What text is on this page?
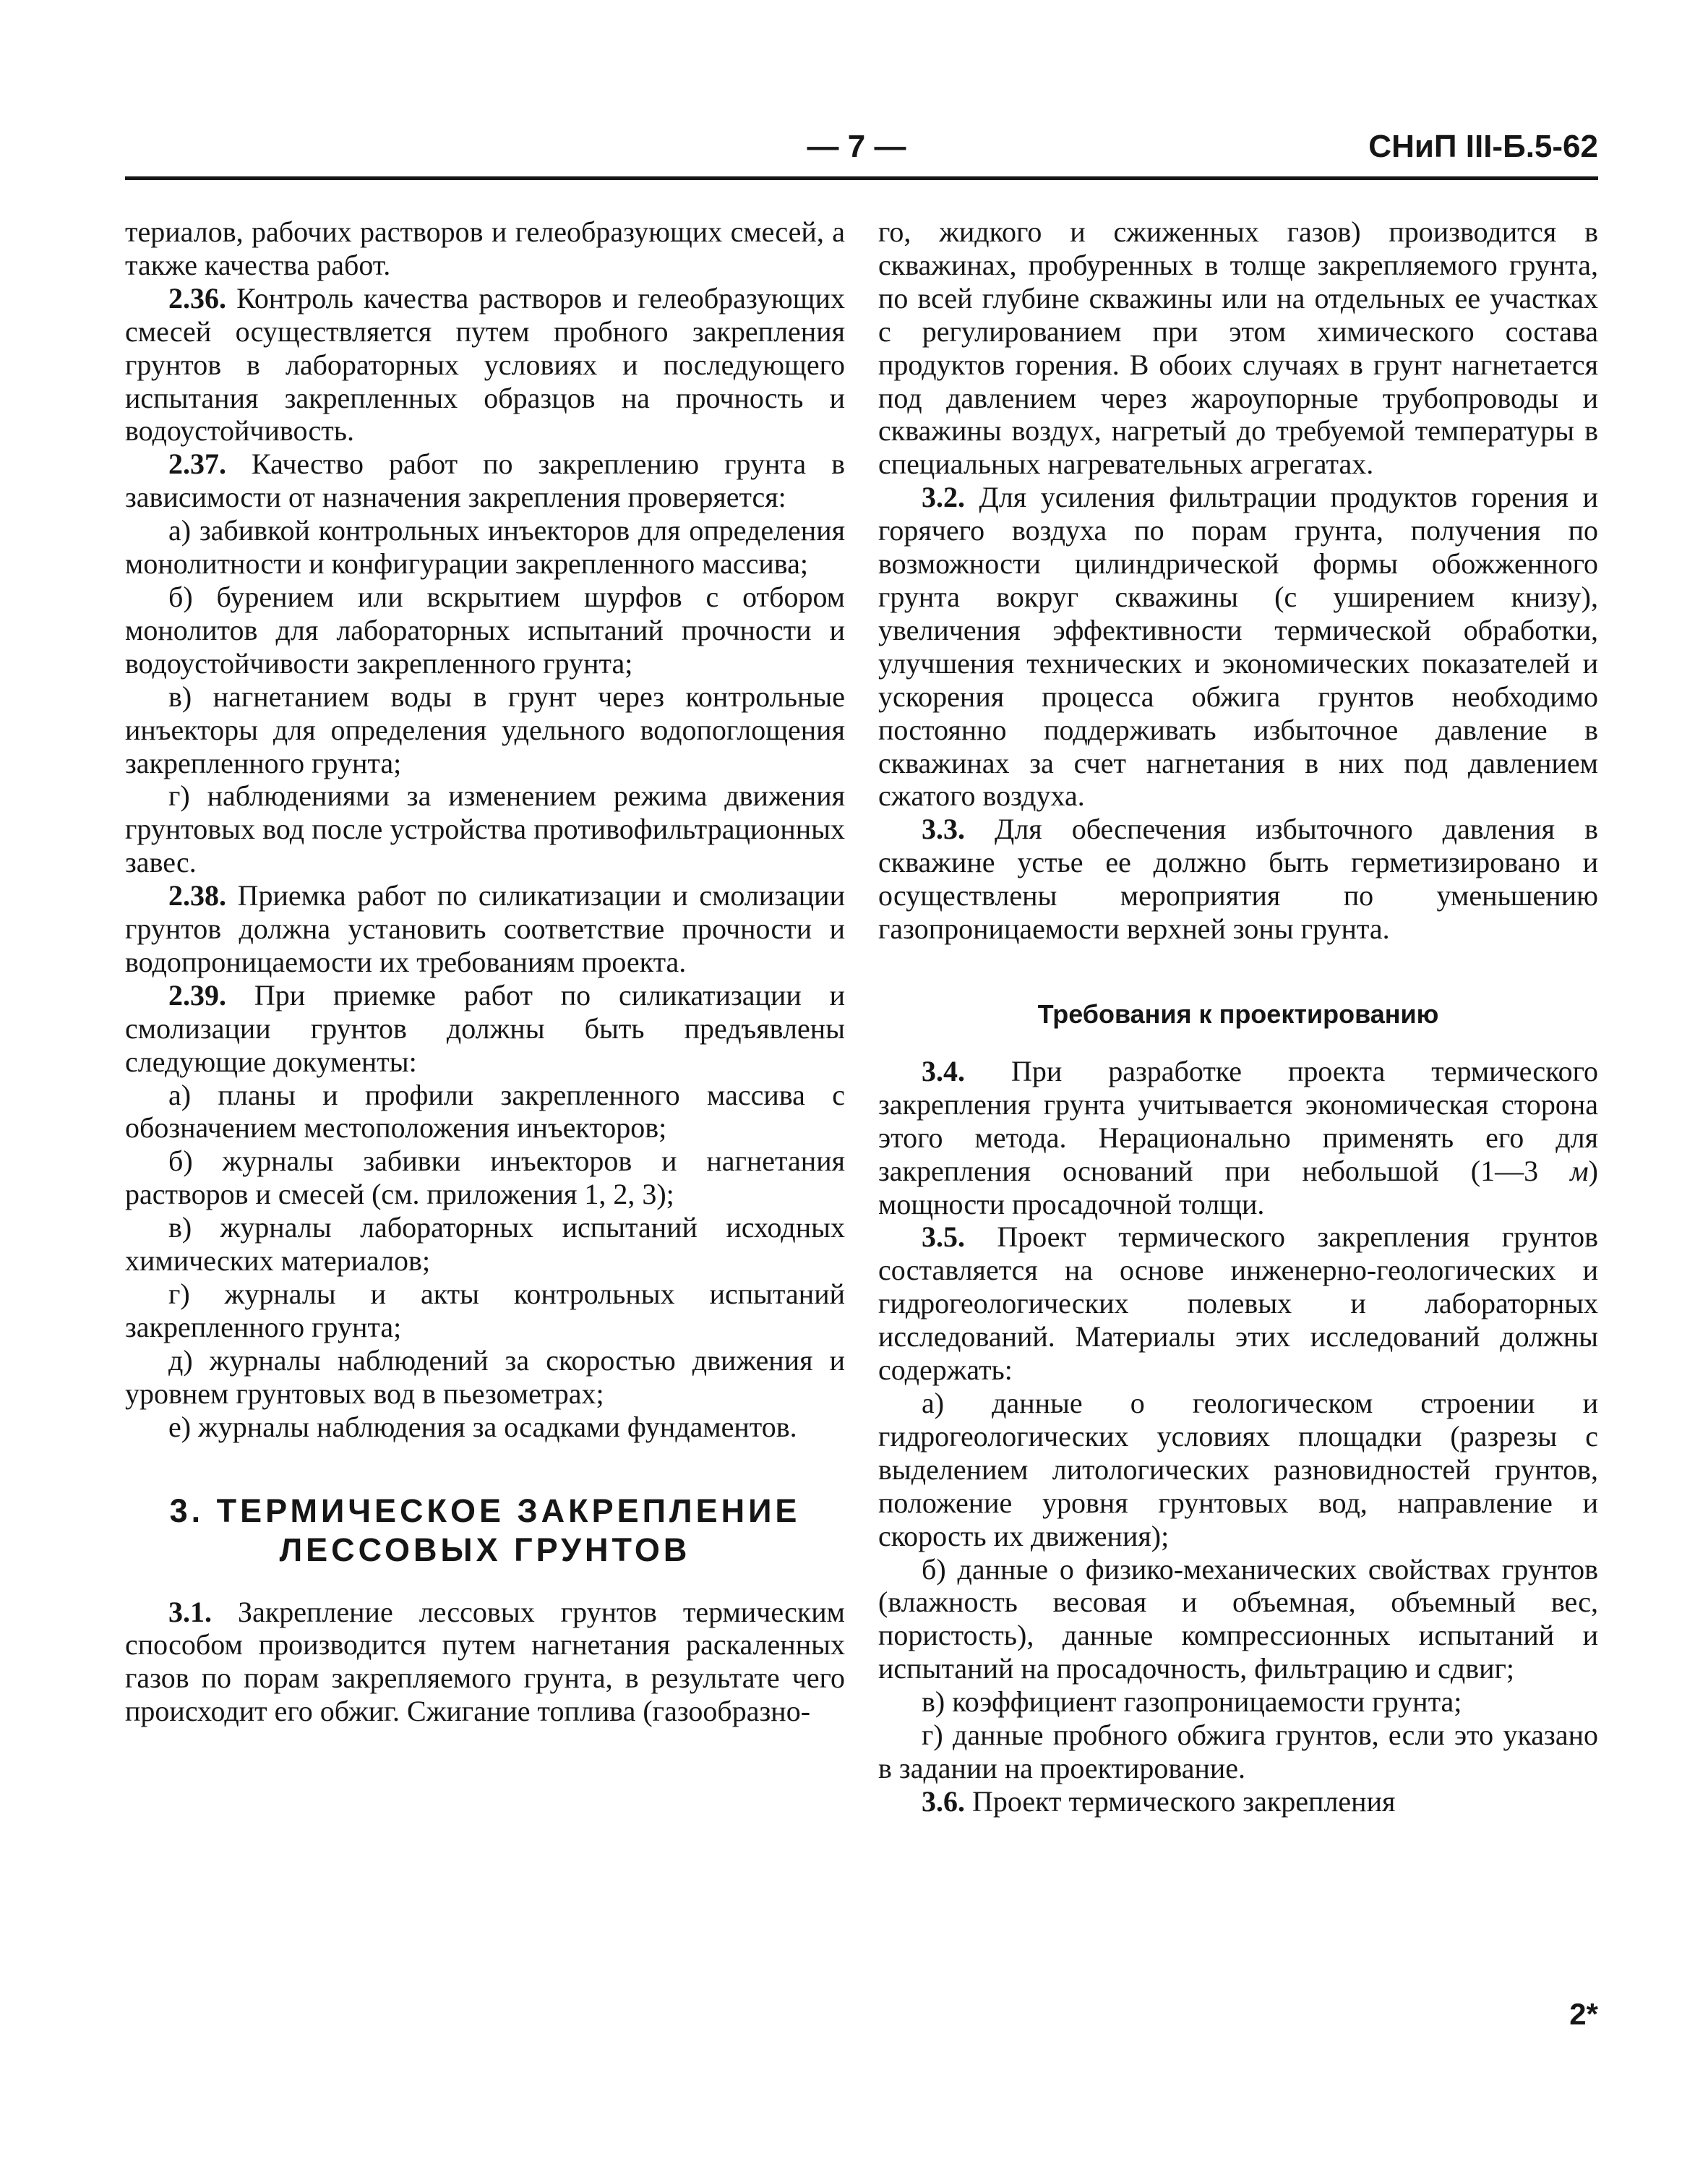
— 7 —	СНиП III-Б.5-62

териалов, рабочих растворов и гелеобразующих смесей, а также качества работ.

2.36. Контроль качества растворов и гелеобразующих смесей осуществляется путем пробного закрепления грунтов в лабораторных условиях и последующего испытания закрепленных образцов на прочность и водоустойчивость.

2.37. Качество работ по закреплению грунта в зависимости от назначения закрепления проверяется:

а) забивкой контрольных инъекторов для определения монолитности и конфигурации закрепленного массива;

б) бурением или вскрытием шурфов с отбором монолитов для лабораторных испытаний прочности и водоустойчивости закрепленного грунта;

в) нагнетанием воды в грунт через контрольные инъекторы для определения удельного водопоглощения закрепленного грунта;

г) наблюдениями за изменением режима движения грунтовых вод после устройства противофильтрационных завес.

2.38. Приемка работ по силикатизации и смолизации грунтов должна установить соответствие прочности и водопроницаемости их требованиям проекта.

2.39. При приемке работ по силикатизации и смолизации грунтов должны быть предъявлены следующие документы:

а) планы и профили закрепленного массива с обозначением местоположения инъекторов;

б) журналы забивки инъекторов и нагнетания растворов и смесей (см. приложения 1, 2, 3);

в) журналы лабораторных испытаний исходных химических материалов;

г) журналы и акты контрольных испытаний закрепленного грунта;

д) журналы наблюдений за скоростью движения и уровнем грунтовых вод в пьезометрах;

е) журналы наблюдения за осадками фундаментов.

3. ТЕРМИЧЕСКОЕ ЗАКРЕПЛЕНИЕ
ЛЕССОВЫХ ГРУНТОВ

3.1. Закрепление лессовых грунтов термическим способом производится путем нагнетания раскаленных газов по порам закрепляемого грунта, в результате чего происходит его обжиг. Сжигание топлива (газообразно-

го, жидкого и сжиженных газов) производится в скважинах, пробуренных в толще закрепляемого грунта, по всей глубине скважины или на отдельных ее участках с регулированием при этом химического состава продуктов горения. В обоих случаях в грунт нагнетается под давлением через жароупорные трубопроводы и скважины воздух, нагретый до требуемой температуры в специальных нагревательных агрегатах.

3.2. Для усиления фильтрации продуктов горения и горячего воздуха по порам грунта, получения по возможности цилиндрической формы обожженного грунта вокруг скважины (с уширением книзу), увеличения эффективности термической обработки, улучшения технических и экономических показателей и ускорения процесса обжига грунтов необходимо постоянно поддерживать избыточное давление в скважинах за счет нагнетания в них под давлением сжатого воздуха.

3.3. Для обеспечения избыточного давления в скважине устье ее должно быть герметизировано и осуществлены мероприятия по уменьшению газопроницаемости верхней зоны грунта.

Требования к проектированию

3.4. При разработке проекта термического закрепления грунта учитывается экономическая сторона этого метода. Нерационально применять его для закрепления оснований при небольшой (1—3 м) мощности просадочной толщи.

3.5. Проект термического закрепления грунтов составляется на основе инженерно-геологических и гидрогеологических полевых и лабораторных исследований. Материалы этих исследований должны содержать:

а) данные о геологическом строении и гидрогеологических условиях площадки (разрезы с выделением литологических разновидностей грунтов, положение уровня грунтовых вод, направление и скорость их движения);

б) данные о физико-механических свойствах грунтов (влажность весовая и объемная, объемный вес, пористость), данные компрессионных испытаний и испытаний на просадочность, фильтрацию и сдвиг;

в) коэффициент газопроницаемости грунта;

г) данные пробного обжига грунтов, если это указано в задании на проектирование.

3.6. Проект термического закрепления

2*
